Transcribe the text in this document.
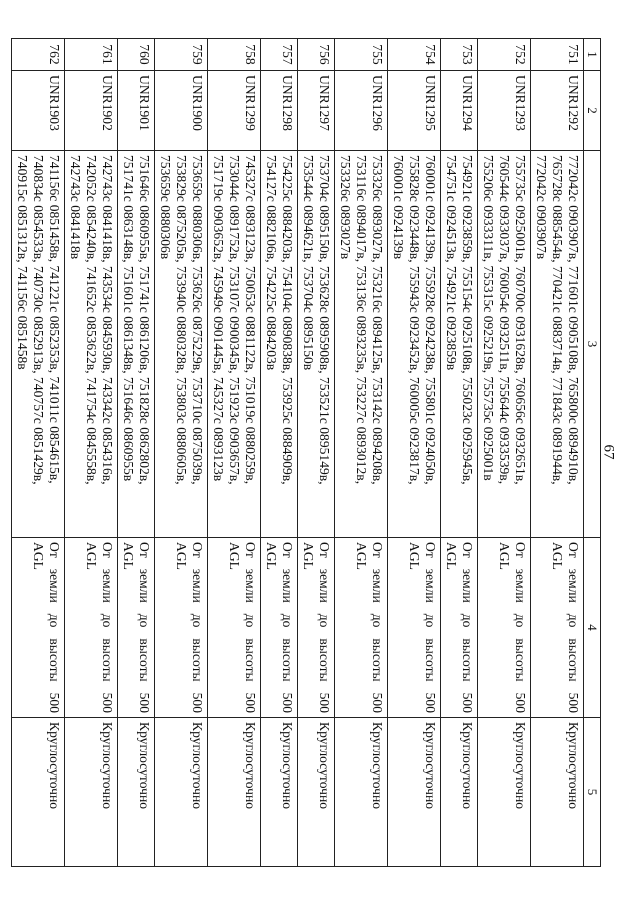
67
1	2	3	4	5
751	UNR1292	772042с 0903907в, 771601с 0905108в, 765800с 0894910в, 765728с 0885454в, 770421с 0883714в, 771843с 0891944в, 772042с 0903907в	От земли до высоты 500 AGL	Круглосуточно
752	UNR1293	755735с 0925001в, 760700с 0931628в, 760656с 0932651в, 760544с 0933037в, 760054с 0932511в, 755644с 0933539в, 755206с 0933311в, 755315с 0925219в, 755735с 0925001в	От земли до высоты 500 AGL	Круглосуточно
753	UNR1294	754921с 0923859в, 755154с 0925108в, 755023с 0925945в, 754751с 0924513в, 754921с 0923859в	От земли до высоты 500 AGL	Круглосуточно
754	UNR1295	760001с 0924139в, 755928с 0924238в, 755801с 0924050в, 755828с 0923448в, 755943с 0923452в, 760005с 0923817в, 760001с 0924139в	От земли до высоты 500 AGL	Круглосуточно
755	UNR1296	753326с 0893027в, 753216с 0894125в, 753142с 0894208в, 753116с 0894017в, 753136с 0893235в, 753227с 0893012в, 753326с 0893027в	От земли до высоты 500 AGL	Круглосуточно
756	UNR1297	753704с 0895150в, 753628с 0895908в, 753521с 0895149в, 753544с 0894621в, 753704с 0895150в	От земли до высоты 500 AGL	Круглосуточно
757	UNR1298	754225с 0884203в, 754104с 0890838в, 753925с 0884909в, 754127с 0882106в, 754225с 0884203в	От земли до высоты 500 AGL	Круглосуточно
758	UNR1299	745327с 0893123в, 750053с 0881122в, 751019с 0880259в, 753044с 0891752в, 753107с 0900345в, 751923с 0903657в, 751719с 0903652в, 745949с 0901445в, 745327с 0893123в	От земли до высоты 500 AGL	Круглосуточно
759	UNR1900	753659с 0880306в, 753626с 0875229в, 753710с 0875039в, 753829с 0875205в, 753940с 0880328в, 753803с 0880605в, 753659с 0880306в	От земли до высоты 500 AGL	Круглосуточно
760	UNR1901	751646с 0860955в, 751741с 0861206в, 751828с 0862802в, 751741с 0863148в, 751601с 0861348в, 751646с 0860955в	От земли до высоты 500 AGL	Круглосуточно
761	UNR1902	742743с 0841418в, 743534с 0845930в, 743342с 0854316в, 742052с 0854240в, 741652с 0853622в, 741754с 0845558в, 742743с 0841418в	От земли до высоты 500 AGL	Круглосуточно
762	UNR1903	741156с 0851458в, 741221с 0852353в, 741011с 0854615в, 740834с 0854533в, 740730с 0852913в, 740757с 0851429в, 740915с 0851312в, 741156с 0851458в	От земли до высоты 500 AGL	Круглосуточно
